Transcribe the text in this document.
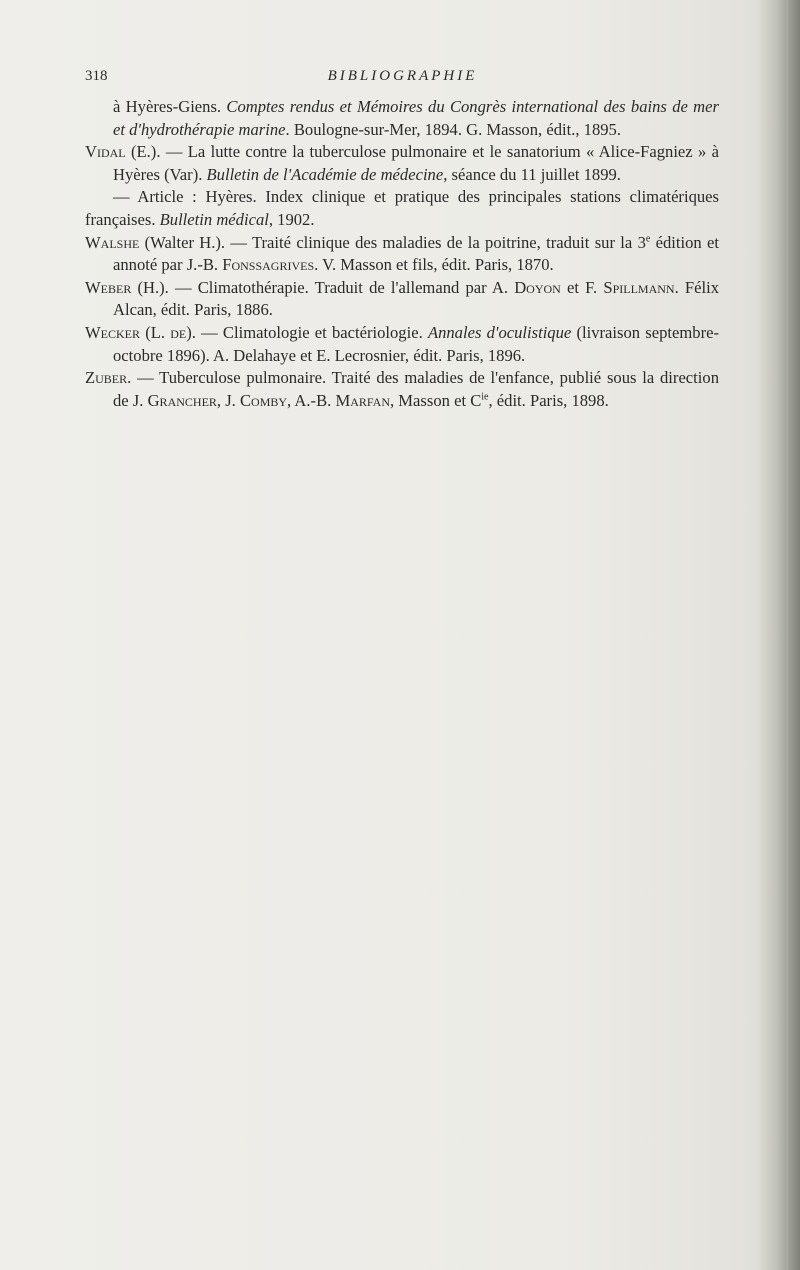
318	BIBLIOGRAPHIE

à Hyères-Giens. Comptes rendus et Mémoires du Congrès international des bains de mer et d'hydrothérapie marine. Boulogne-sur-Mer, 1894. G. Masson, édit., 1895.

Vidal (E.). — La lutte contre la tuberculose pulmonaire et le sanatorium « Alice-Fagniez » à Hyères (Var). Bulletin de l'Académie de médecine, séance du 11 juillet 1899.

— Article : Hyères. Index clinique et pratique des principales stations climatériques françaises. Bulletin médical, 1902.

Walshe (Walter H.). — Traité clinique des maladies de la poitrine, traduit sur la 3e édition et annoté par J.-B. Fonssagrives. V. Masson et fils, édit. Paris, 1870.

Weber (H.). — Climatothérapie. Traduit de l'allemand par A. Doyon et F. Spillmann. Félix Alcan, édit. Paris, 1886.

Wecker (L. de). — Climatologie et bactériologie. Annales d'oculistique (livraison septembre-octobre 1896). A. Delahaye et E. Lecrosnier, édit. Paris, 1896.

Zuber. — Tuberculose pulmonaire. Traité des maladies de l'enfance, publié sous la direction de J. Grancher, J. Comby, A.-B. Marfan, Masson et $C^{ie}$, édit. Paris, 1898.
